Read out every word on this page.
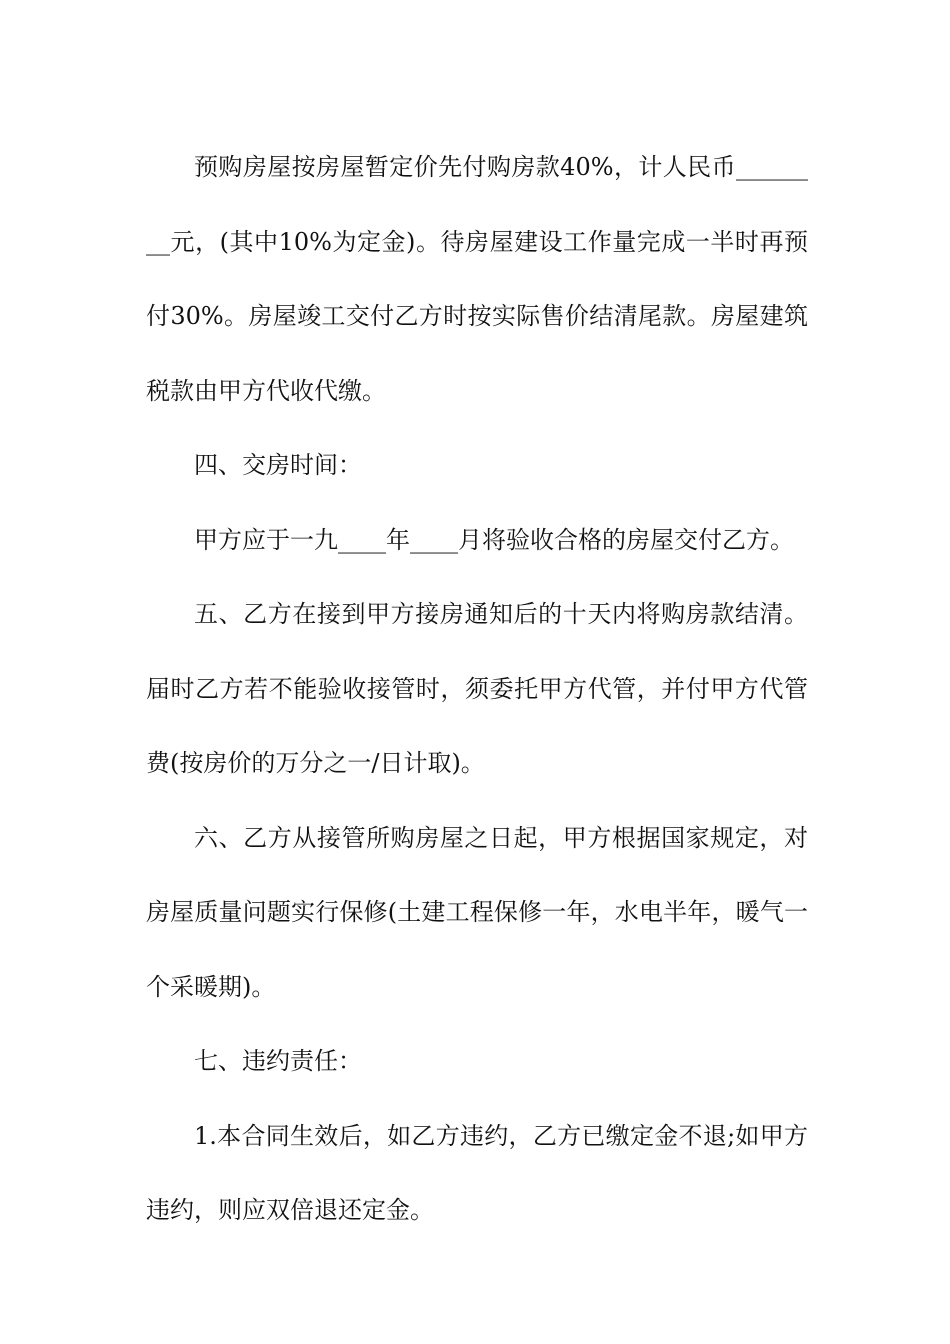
预购房屋按房屋暂定价先付购房款40%，计人民币________元，(其中10%为定金)。待房屋建设工作量完成一半时再预付30%。房屋竣工交付乙方时按实际售价结清尾款。房屋建筑税款由甲方代收代缴。

四、交房时间：

甲方应于一九____年____月将验收合格的房屋交付乙方。

五、乙方在接到甲方接房通知后的十天内将购房款结清。届时乙方若不能验收接管时，须委托甲方代管，并付甲方代管费(按房价的万分之一/日计取)。

六、乙方从接管所购房屋之日起，甲方根据国家规定，对房屋质量问题实行保修(土建工程保修一年，水电半年，暖气一个采暖期)。

七、违约责任：

1.本合同生效后，如乙方违约，乙方已缴定金不退;如甲方违约，则应双倍退还定金。
